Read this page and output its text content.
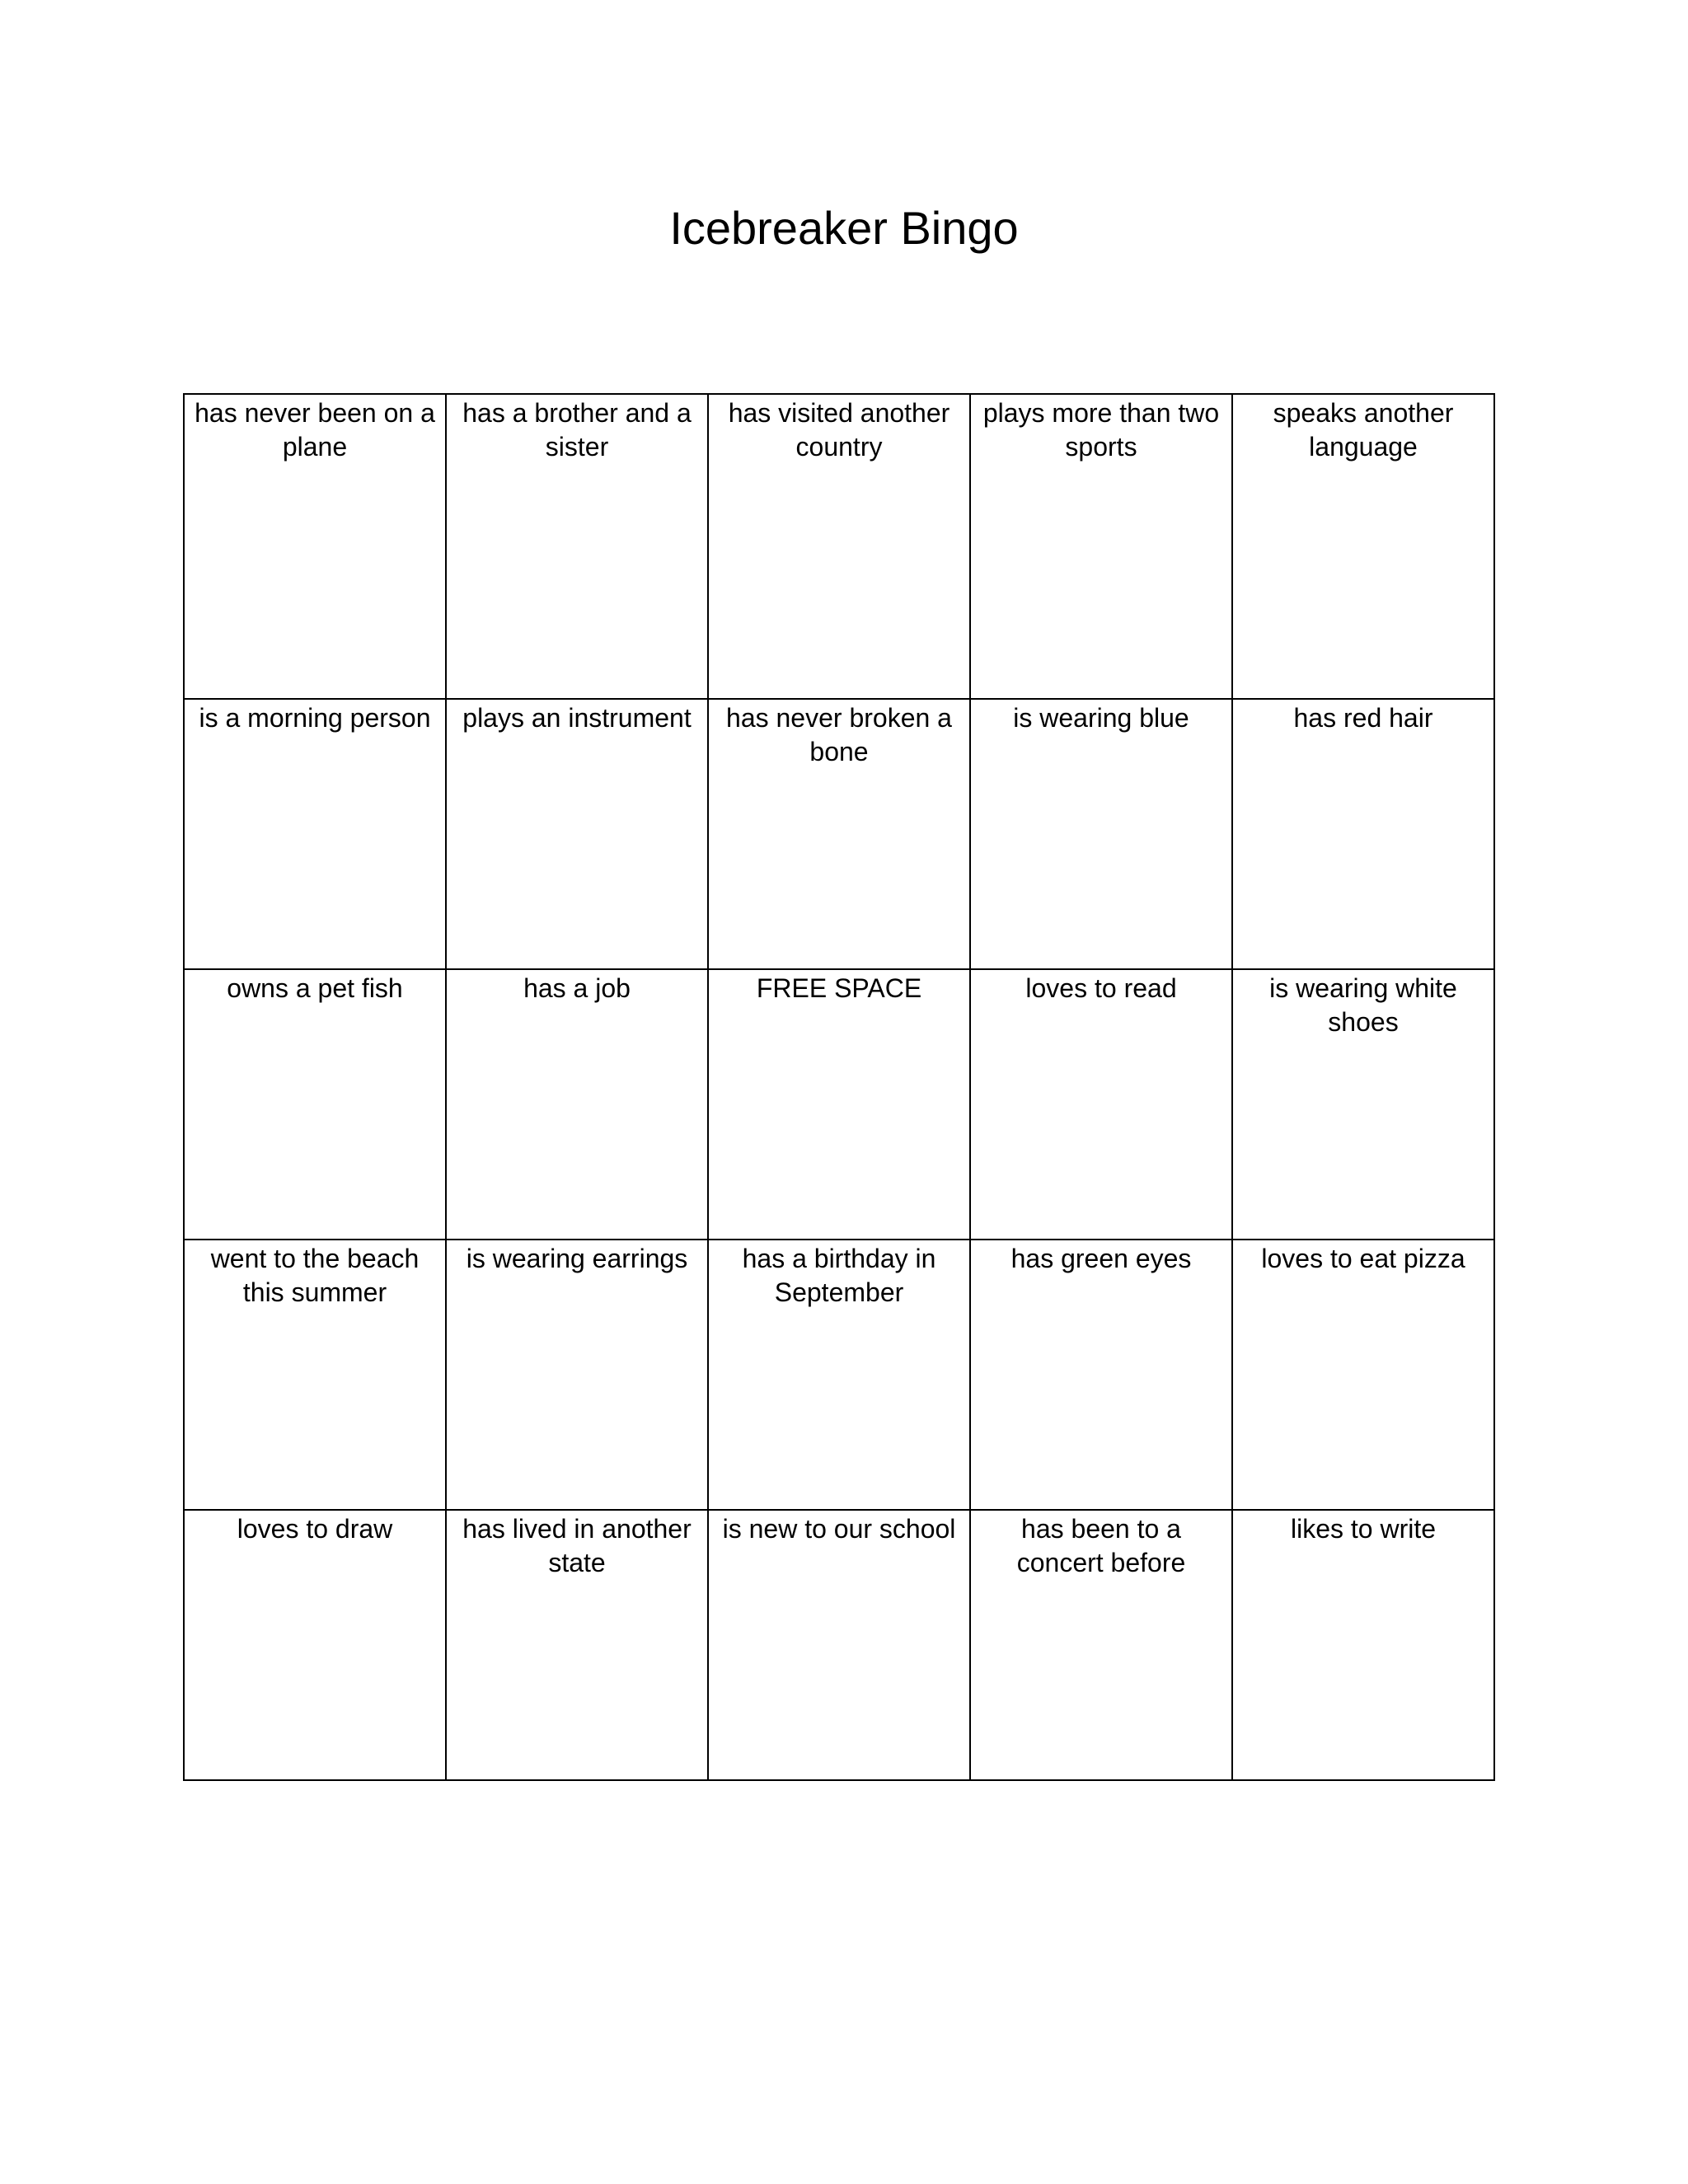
Icebreaker Bingo
has never been on a plane	has a brother and a sister	has visited another country	plays more than two sports	speaks another language
is a morning person	plays an instrument	has never broken a bone	is wearing blue	has red hair
owns a pet fish	has a job	FREE SPACE	loves to read	is wearing white shoes
went to the beach this summer	is wearing earrings	has a birthday in September	has green eyes	loves to eat pizza
loves to draw	has lived in another state	is new to our school	has been to a concert before	likes to write
